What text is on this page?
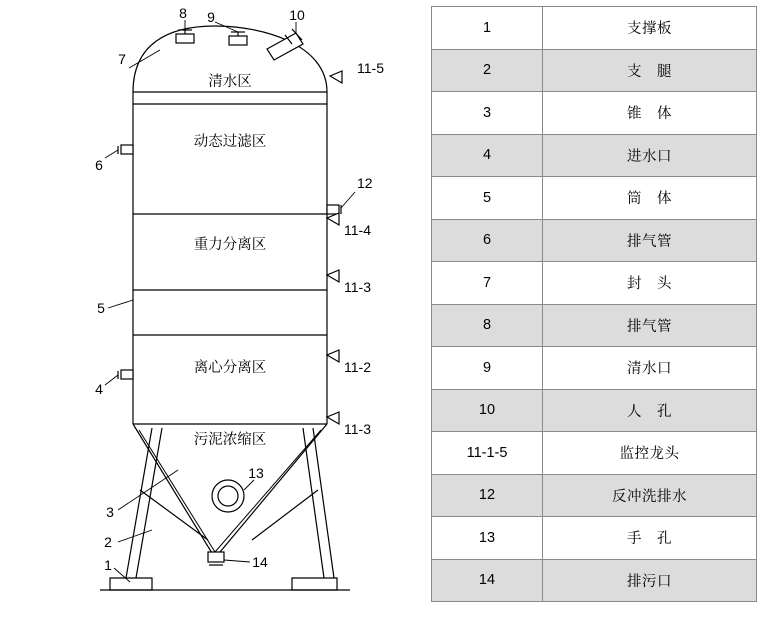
清水区
动态过滤区
重力分离区
离心分离区
污泥浓缩区
1
2
3
4
5
6
7
8 9	10
11-5
11-4
11-3
11-2
11-3
12
13
14
1	支撑板
2	支　腿
3	锥　体
4	进水口
5	筒　体
6	排气管
7	封　头
8	排气管
9	清水口
10	人　孔
11-1-5	监控龙头
12	反冲洗排水
13	手　孔
14	排污口
